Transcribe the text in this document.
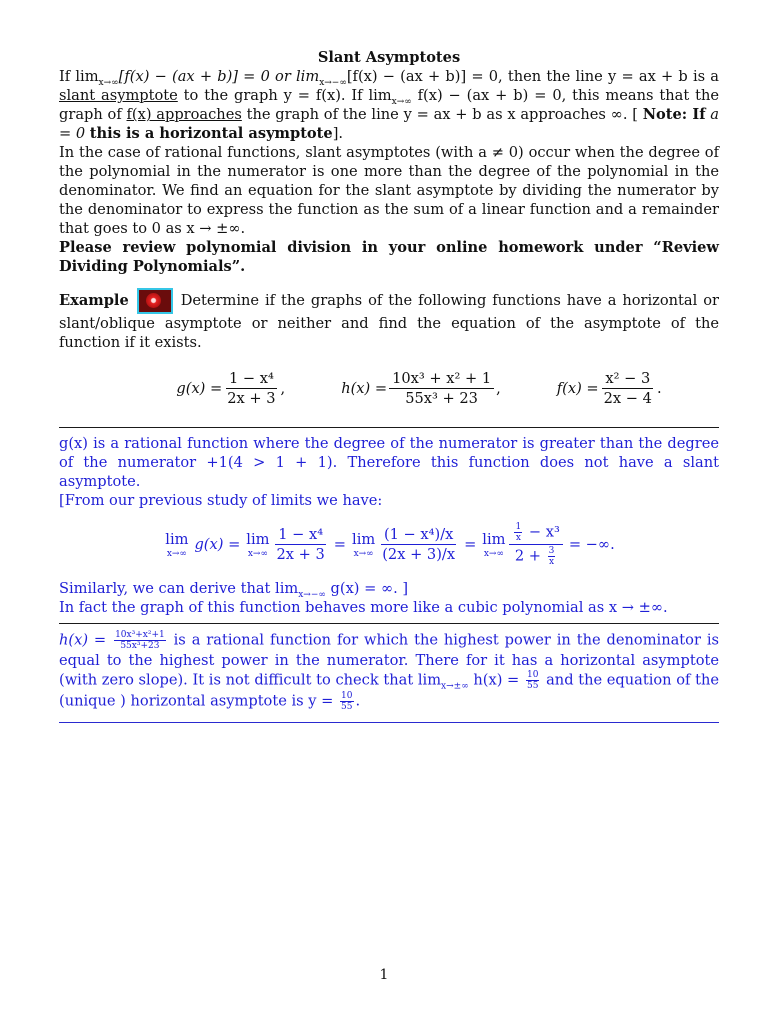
Slant Asymptotes

If $\lim_{x\to\infty}[f(x) - (ax + b)] = 0$ or $\lim_{x\to-\infty}[f(x) - (ax + b)] = 0$, then the line y = ax + b is a slant asymptote to the graph y = f(x). If $\lim_{x\to\infty} f(x) - (ax + b) = 0$, this means that the graph of f(x) approaches the graph of the line y = ax + b as x approaches ∞. [ Note: If a = 0 this is a horizontal asymptote].

In the case of rational functions, slant asymptotes (with a ≠ 0) occur when the degree of the polynomial in the numerator is one more than the degree of the polynomial in the denominator. We find an equation for the slant asymptote by dividing the numerator by the denominator to express the function as the sum of a linear function and a remainder that goes to 0 as x → ±∞.

Please review polynomial division in your online homework under “Review Dividing Polynomials”.

Example	Determine if the graphs of the following functions have a horizontal or slant/oblique asymptote or neither and find the equation of the asymptote of the function if it exists.

$g(x) = \frac{\text{1 − x⁴}}{2x + 3}$ ,	$h(x) = \frac{\text{10x³ + x² + 1}}{\text{55x³ + 23}}$ ,	$f(x) = \frac{\text{x² − 3}}{2x - 4}$ .

g(x) is a rational function where the degree of the numerator is greater than the degree of the numerator +1(4 > 1 + 1). Therefore this function does not have a slant asymptote.

[From our previous study of limits we have:

lim
x→∞
g(x) = lim
$x\to\infty \frac{\text{1 − x⁴}}{2x + 3} = \lim$
$x\to\infty \frac{\text{(1 − x⁴)/x}}{(2x + 3)/x} = \lim$
$x\to\infty \frac{\frac{1}{x} - x^3}{2 + \frac{3}{x}}$ = −∞.

Similarly, we can derive that $\lim_{x\to-\infty} g(x)$ = ∞. ]

In fact the graph of this function behaves more like a cubic polynomial as x → ±∞.

$h(x) = \frac{\text{10x³+x²+1}}{\text{55x³+23}}$ is a rational function for which the highest power in the denominator is equal to the highest power in the numerator. There for it has a horizontal asymptote (with zero slope). It is not difficult to check that $\lim_{x\to\pm\infty} h(x) = \frac{10}{55}$ and the equation of the (unique ) horizontal asymptote is $y = \frac{10}{55}$ .

1
